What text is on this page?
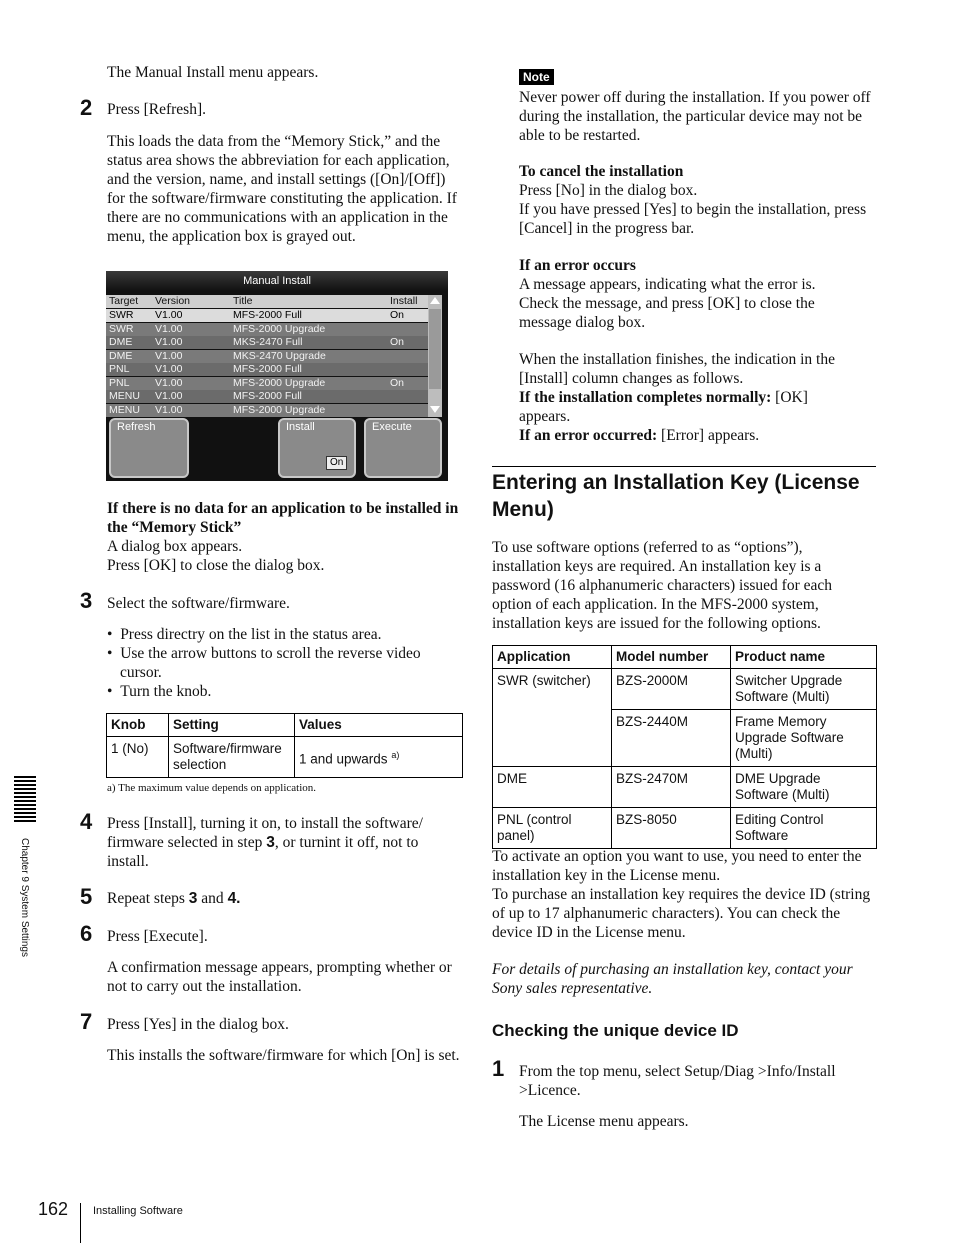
The Manual Install menu appears.

2 Press [Refresh].

This loads the data from the “Memory Stick,” and the status area shows the abbreviation for each application, and the version, name, and install settings ([On]/[Off]) for the software/firmware constituting the application. If there are no communications with an application in the menu, the application box is grayed out.

Manual Install
Target Version	Title	Install
SWR V1.00	MFS-2000 Full	On
SWR V1.00	MFS-2000 Upgrade
DME V1.00	MKS-2470 Full	On
DME V1.00	MKS-2470 Upgrade
PNL V1.00	MFS-2000 Full
PNL V1.00	MFS-2000 Upgrade	On
MENU V1.00	MFS-2000 Full
MENU V1.00	MFS-2000 Upgrade
Refresh	Install
On
Execute

If there is no data for an application to be installed in the “Memory Stick”

A dialog box appears.

Press [OK] to close the dialog box.

3 Select the software/firmware.

•  Press directry on the list in the status area.

•  Use the arrow buttons to scroll the reverse video cursor.

•  Turn the knob.

Knob	Setting	Values
1 (No)	Software/firmware selection	1 and upwards $^{a)}$

a) The maximum value depends on application.

4 Press [Install], turning it on, to install the software/ firmware selected in step 3, or turnint it off, not to install.

5 Repeat steps 3 and 4.

6 Press [Execute].

A confirmation message appears, prompting whether or not to carry out the installation.

7 Press [Yes] in the dialog box.

This installs the software/firmware for which [On] is set.

Note

Never power off during the installation. If you power off during the installation, the particular device may not be able to be restarted.

To cancel the installation

Press [No] in the dialog box.

If you have pressed [Yes] to begin the installation, press [Cancel] in the progress bar.

If an error occurs

A message appears, indicating what the error is. Check the message, and press [OK] to close the message dialog box.

When the installation finishes, the indication in the [Install] column changes as follows.

If the installation completes normally: [OK] appears.

If an error occurred: [Error] appears.

Entering an Installation Key (License Menu)

To use software options (referred to as “options”), installation keys are required. An installation key is a password (16 alphanumeric characters) issued for each option of each application. In the MFS-2000 system, installation keys are issued for the following options.

Application	Model number	Product name
SWR (switcher)	BZS-2000M	Switcher Upgrade Software (Multi)
	BZS-2440M	Frame Memory Upgrade Software (Multi)
DME	BZS-2470M	DME Upgrade Software (Multi)
PNL (control panel)	BZS-8050	Editing Control Software

To activate an option you want to use, you need to enter the installation key in the License menu.

To purchase an installation key requires the device ID (string of up to 17 alphanumeric characters). You can check the device ID in the License menu.

For details of purchasing an installation key, contact your Sony sales representative.

Checking the unique device ID
1 From the top menu, select Setup/Diag >Info/Install >Licence.

The License menu appears.

Chapter 9 System Settings
162 Installing Software
